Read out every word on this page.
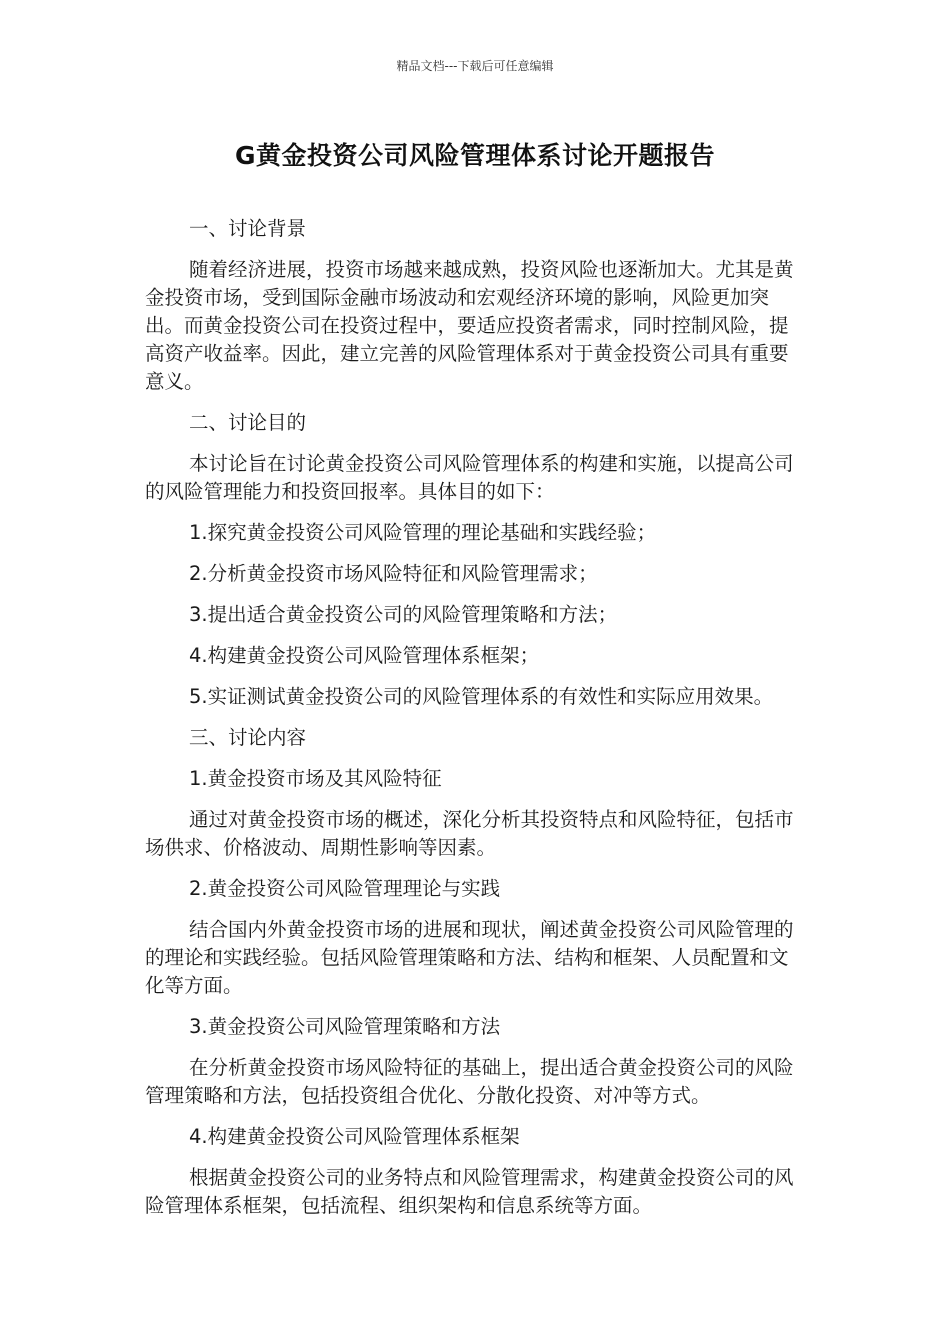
精品文档---下载后可任意编辑
G黄金投资公司风险管理体系讨论开题报告

一、讨论背景

随着经济进展，投资市场越来越成熟，投资风险也逐渐加大。尤其是黄金投资市场，受到国际金融市场波动和宏观经济环境的影响，风险更加突出。而黄金投资公司在投资过程中，要适应投资者需求，同时控制风险，提高资产收益率。因此，建立完善的风险管理体系对于黄金投资公司具有重要意义。

二、讨论目的

本讨论旨在讨论黄金投资公司风险管理体系的构建和实施，以提高公司的风险管理能力和投资回报率。具体目的如下：

1.探究黄金投资公司风险管理的理论基础和实践经验；

2.分析黄金投资市场风险特征和风险管理需求；

3.提出适合黄金投资公司的风险管理策略和方法；

4.构建黄金投资公司风险管理体系框架；

5.实证测试黄金投资公司的风险管理体系的有效性和实际应用效果。

三、讨论内容

1.黄金投资市场及其风险特征

通过对黄金投资市场的概述，深化分析其投资特点和风险特征，包括市场供求、价格波动、周期性影响等因素。

2.黄金投资公司风险管理理论与实践

结合国内外黄金投资市场的进展和现状，阐述黄金投资公司风险管理的的理论和实践经验。包括风险管理策略和方法、结构和框架、人员配置和文化等方面。

3.黄金投资公司风险管理策略和方法

在分析黄金投资市场风险特征的基础上，提出适合黄金投资公司的风险管理策略和方法，包括投资组合优化、分散化投资、对冲等方式。

4.构建黄金投资公司风险管理体系框架

根据黄金投资公司的业务特点和风险管理需求，构建黄金投资公司的风险管理体系框架，包括流程、组织架构和信息系统等方面。
